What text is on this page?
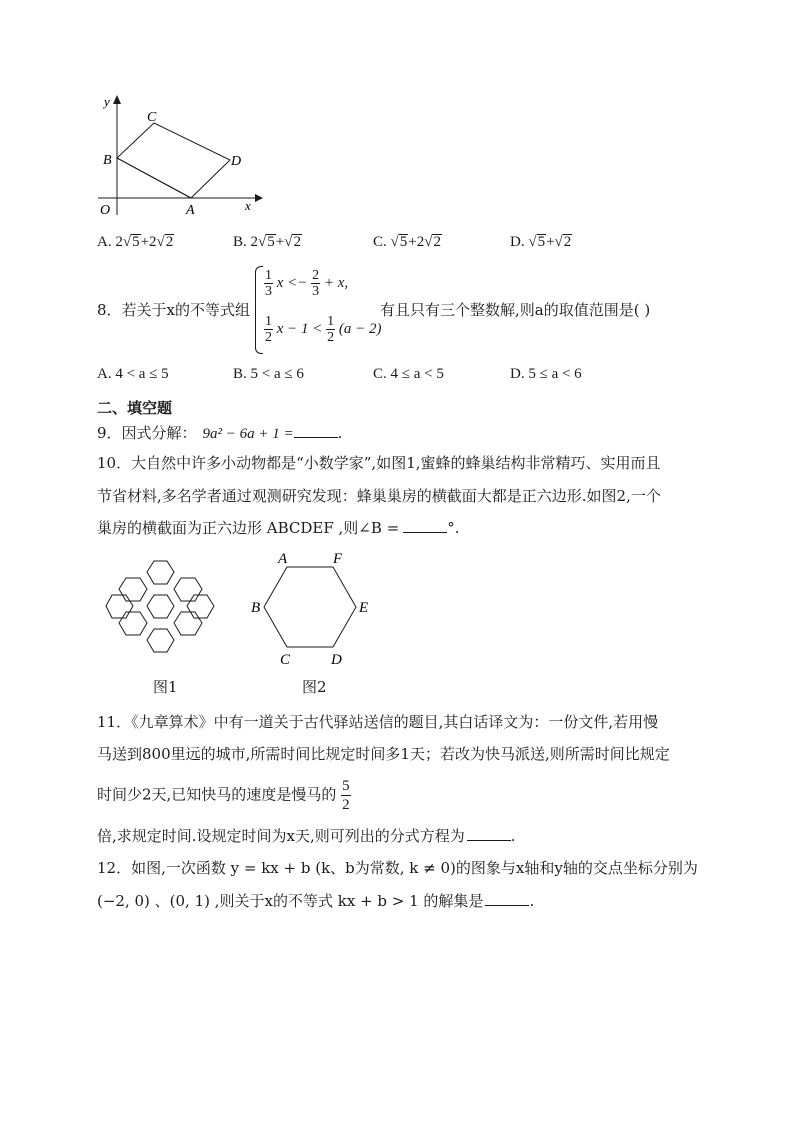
y
x
O	A
B
C
D
A. 2√5+2√2	B. 2√5+√2	C. √5+2√2	D. √5+√2
8．若关于x的不等式组
$\frac{1}{3}$ $x <- \frac{2}{3} + x$,
$\frac{1}{2}$ $x - 1 < \frac{1}{2} (a - 2)$
有且只有三个整数解,则a的取值范围是( )
A. 4 < a ≤ 5	B. 5 < a ≤ 6	C. 4 ≤ a < 5	D. 5 ≤ a < 6
二、填空题
9．因式分解： 9a² − 6a + 1 =	.
10．大自然中许多小动物都是“小数学家”,如图1,蜜蜂的蜂巢结构非常精巧、实用而且
节省材料,多名学者通过观测研究发现：蜂巢巢房的横截面大都是正六边形.如图2,一个
巢房的横截面为正六边形 ABCDEF ,则∠B =	°.
图1
A	F
B	E
C	D
图2
11．《九章算术》中有一道关于古代驿站送信的题目,其白话译文为：一份文件,若用慢
马送到800里远的城市,所需时间比规定时间多1天；若改为快马派送,则所需时间比规定
时间少2天,已知快马的速度是慢马的 $\frac{5}{2}$
倍,求规定时间.设规定时间为x天,则可列出的分式方程为	.
12．如图,一次函数 y = kx + b (k、b为常数, k ≠ 0)的图象与x轴和y轴的交点坐标分别为
(−2, 0) 、(0, 1) ,则关于x的不等式 kx + b > 1 的解集是	.
